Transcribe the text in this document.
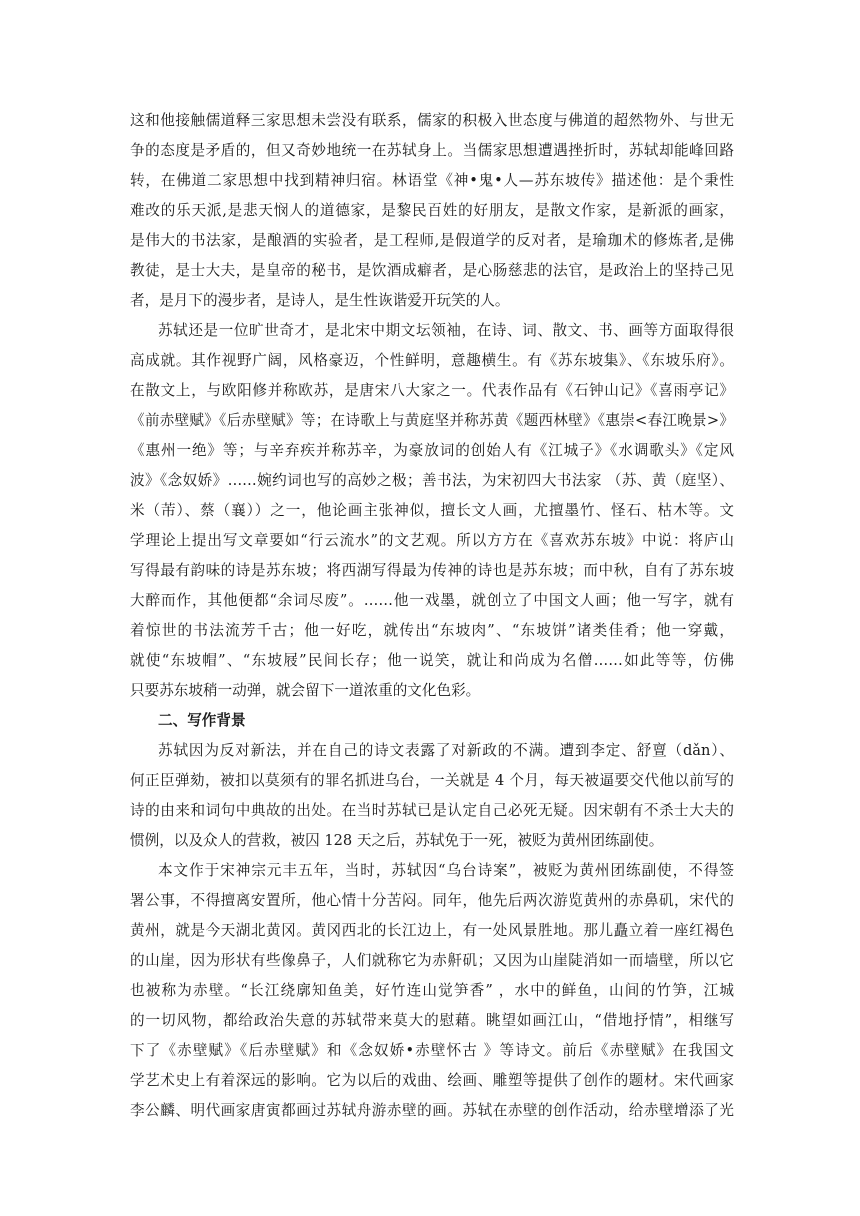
这和他接触儒道释三家思想未尝没有联系，儒家的积极入世态度与佛道的超然物外、与世无
争的态度是矛盾的，但又奇妙地统一在苏轼身上。当儒家思想遭遇挫折时，苏轼却能峰回路
转，在佛道二家思想中找到精神归宿。林语堂《神•鬼•人—苏东坡传》描述他：是个秉性
难改的乐天派,是悲天悯人的道德家，是黎民百姓的好朋友，是散文作家，是新派的画家，
是伟大的书法家，是酿酒的实验者，是工程师,是假道学的反对者，是瑜珈术的修炼者,是佛
教徒，是士大夫，是皇帝的秘书，是饮酒成癖者，是心肠慈悲的法官，是政治上的坚持己见
者，是月下的漫步者，是诗人，是生性诙谐爱开玩笑的人。
苏轼还是一位旷世奇才，是北宋中期文坛领袖，在诗、词、散文、书、画等方面取得很
高成就。其作视野广阔，风格豪迈，个性鲜明，意趣横生。有《苏东坡集》、《东坡乐府》。
在散文上，与欧阳修并称欧苏，是唐宋八大家之一。代表作品有《石钟山记》《喜雨亭记》
《前赤壁赋》《后赤壁赋》等；在诗歌上与黄庭坚并称苏黄《题西林壁》《惠崇<春江晚景>》
《惠州一绝》等；与辛弃疾并称苏辛，为豪放词的创始人有《江城子》《水调歌头》《定风
波》《念奴娇》……婉约词也写的高妙之极；善书法，为宋初四大书法家 （苏、黄（庭坚）、
米（芾）、蔡（襄））之一，他论画主张神似，擅长文人画，尤擅墨竹、怪石、枯木等。文
学理论上提出写文章要如“行云流水”的文艺观。所以方方在《喜欢苏东坡》中说：将庐山
写得最有韵味的诗是苏东坡；将西湖写得最为传神的诗也是苏东坡；而中秋，自有了苏东坡
大醉而作，其他便都“余词尽废”。……他一戏墨，就创立了中国文人画；他一写字，就有
着惊世的书法流芳千古；他一好吃，就传出“东坡肉”、“东坡饼”诸类佳肴；他一穿戴，
就使“东坡帽”、“东坡屐”民间长存；他一说笑，就让和尚成为名僧……如此等等，仿佛
只要苏东坡稍一动弹，就会留下一道浓重的文化色彩。
二、写作背景
苏轼因为反对新法，并在自己的诗文表露了对新政的不满。遭到李定、舒亶（dǎn）、
何正臣弹劾，被扣以莫须有的罪名抓进乌台，一关就是 4 个月，每天被逼要交代他以前写的
诗的由来和词句中典故的出处。在当时苏轼已是认定自己必死无疑。因宋朝有不杀士大夫的
惯例，以及众人的营救，被囚 128 天之后，苏轼免于一死，被贬为黄州团练副使。
本文作于宋神宗元丰五年，当时，苏轼因“乌台诗案”，被贬为黄州团练副使，不得签
署公事，不得擅离安置所，他心情十分苦闷。同年，他先后两次游览黄州的赤鼻矶，宋代的
黄州，就是今天湖北黄冈。黄冈西北的长江边上，有一处风景胜地。那儿矗立着一座红褐色
的山崖，因为形状有些像鼻子，人们就称它为赤鼾矶；又因为山崖陡消如一而墙壁，所以它
也被称为赤壁。“长江绕廓知鱼美，好竹连山觉笋香” ，水中的鲜鱼，山间的竹笋，江城
的一切风物，都给政治失意的苏轼带来莫大的慰藉。眺望如画江山，“借地抒情”，相继写
下了《赤壁赋》《后赤壁赋》和《念奴娇•赤壁怀古 》等诗文。前后《赤壁赋》在我国文
学艺术史上有着深远的影响。它为以后的戏曲、绘画、雕塑等提供了创作的题材。宋代画家
李公麟、明代画家唐寅都画过苏轼舟游赤壁的画。苏轼在赤壁的创作活动，给赤壁增添了光
